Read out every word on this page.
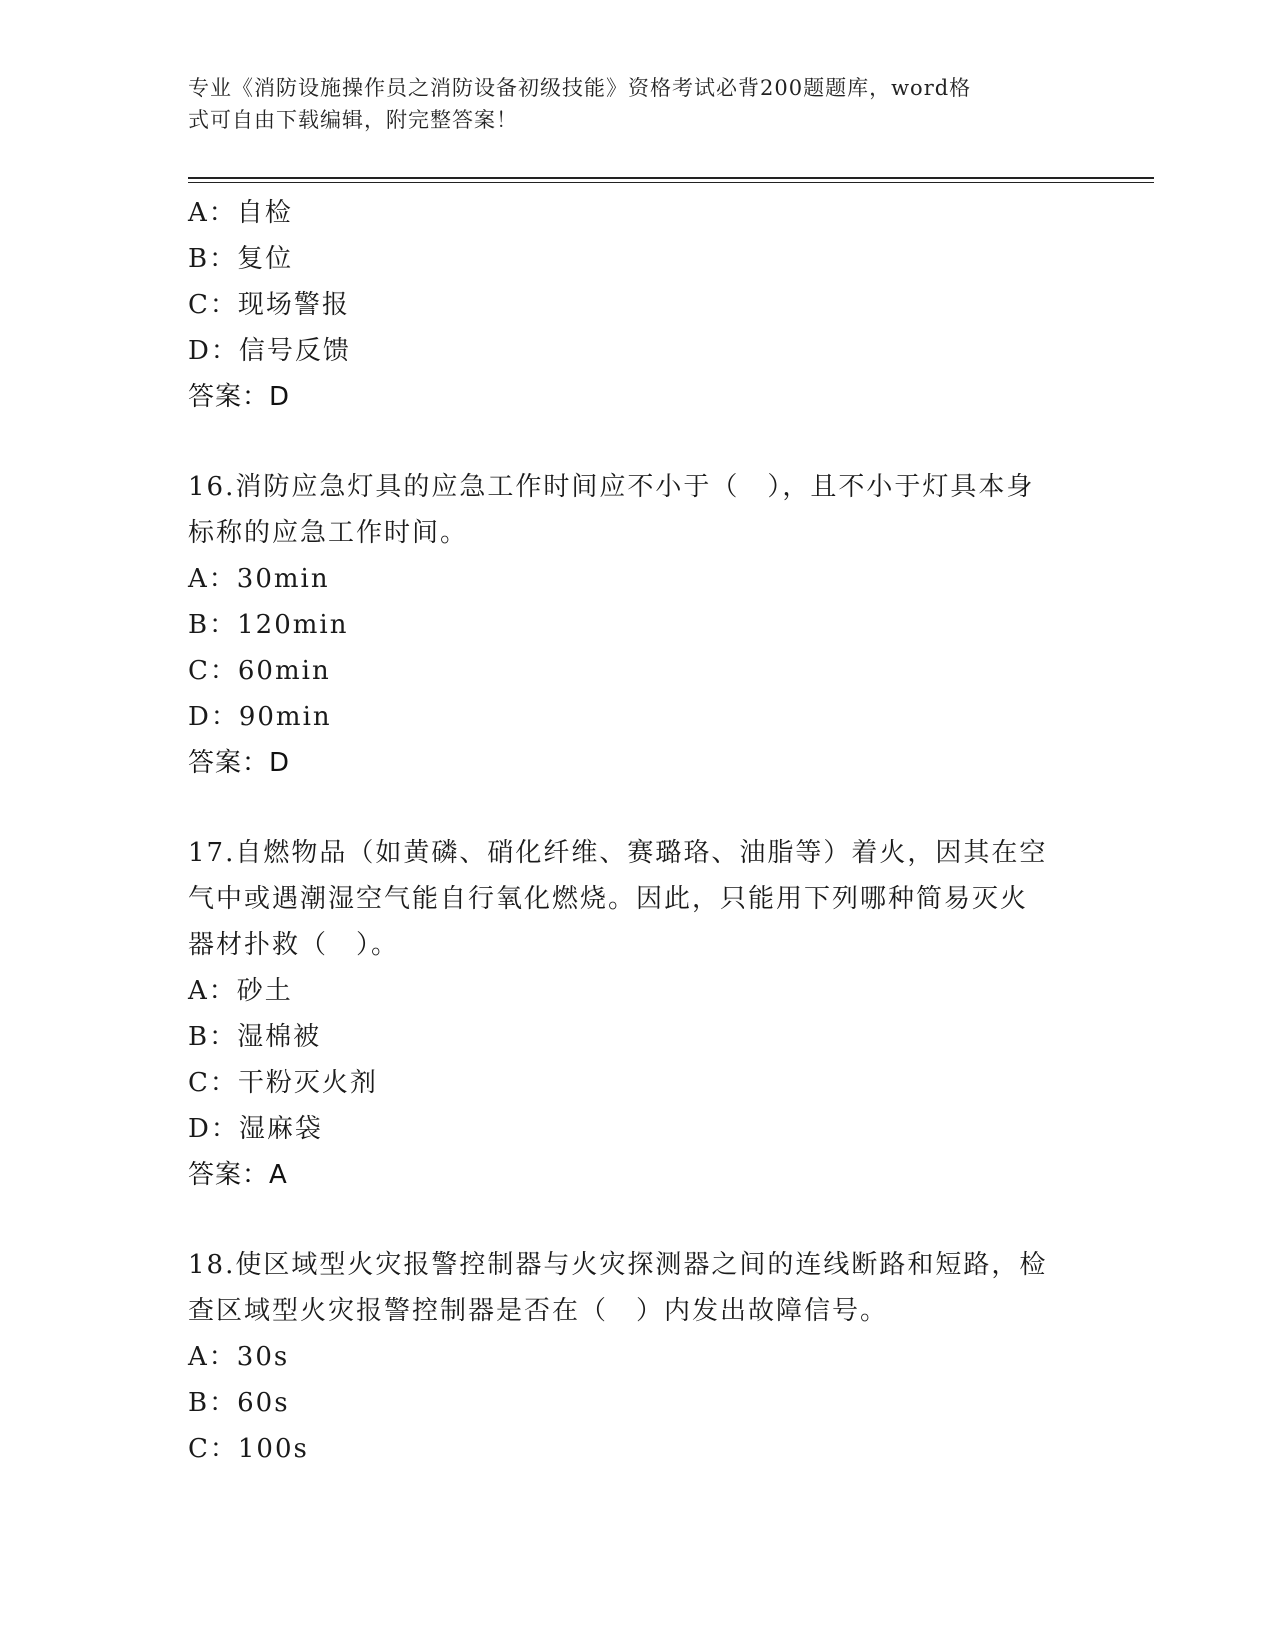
专业《消防设施操作员之消防设备初级技能》资格考试必背200题题库，word格
式可自由下载编辑，附完整答案！
A：自检
B：复位
C：现场警报
D：信号反馈
答案：D
16.消防应急灯具的应急工作时间应不小于（　），且不小于灯具本身
标称的应急工作时间。
A：30min
B：120min
C：60min
D：90min
答案：D
17.自燃物品（如黄磷、硝化纤维、赛璐珞、油脂等）着火，因其在空
气中或遇潮湿空气能自行氧化燃烧。因此，只能用下列哪种简易灭火
器材扑救（　）。
A：砂土
B：湿棉被
C：干粉灭火剂
D：湿麻袋
答案：A
18.使区域型火灾报警控制器与火灾探测器之间的连线断路和短路，检
查区域型火灾报警控制器是否在（　）内发出故障信号。
A：30s
B：60s
C：100s
